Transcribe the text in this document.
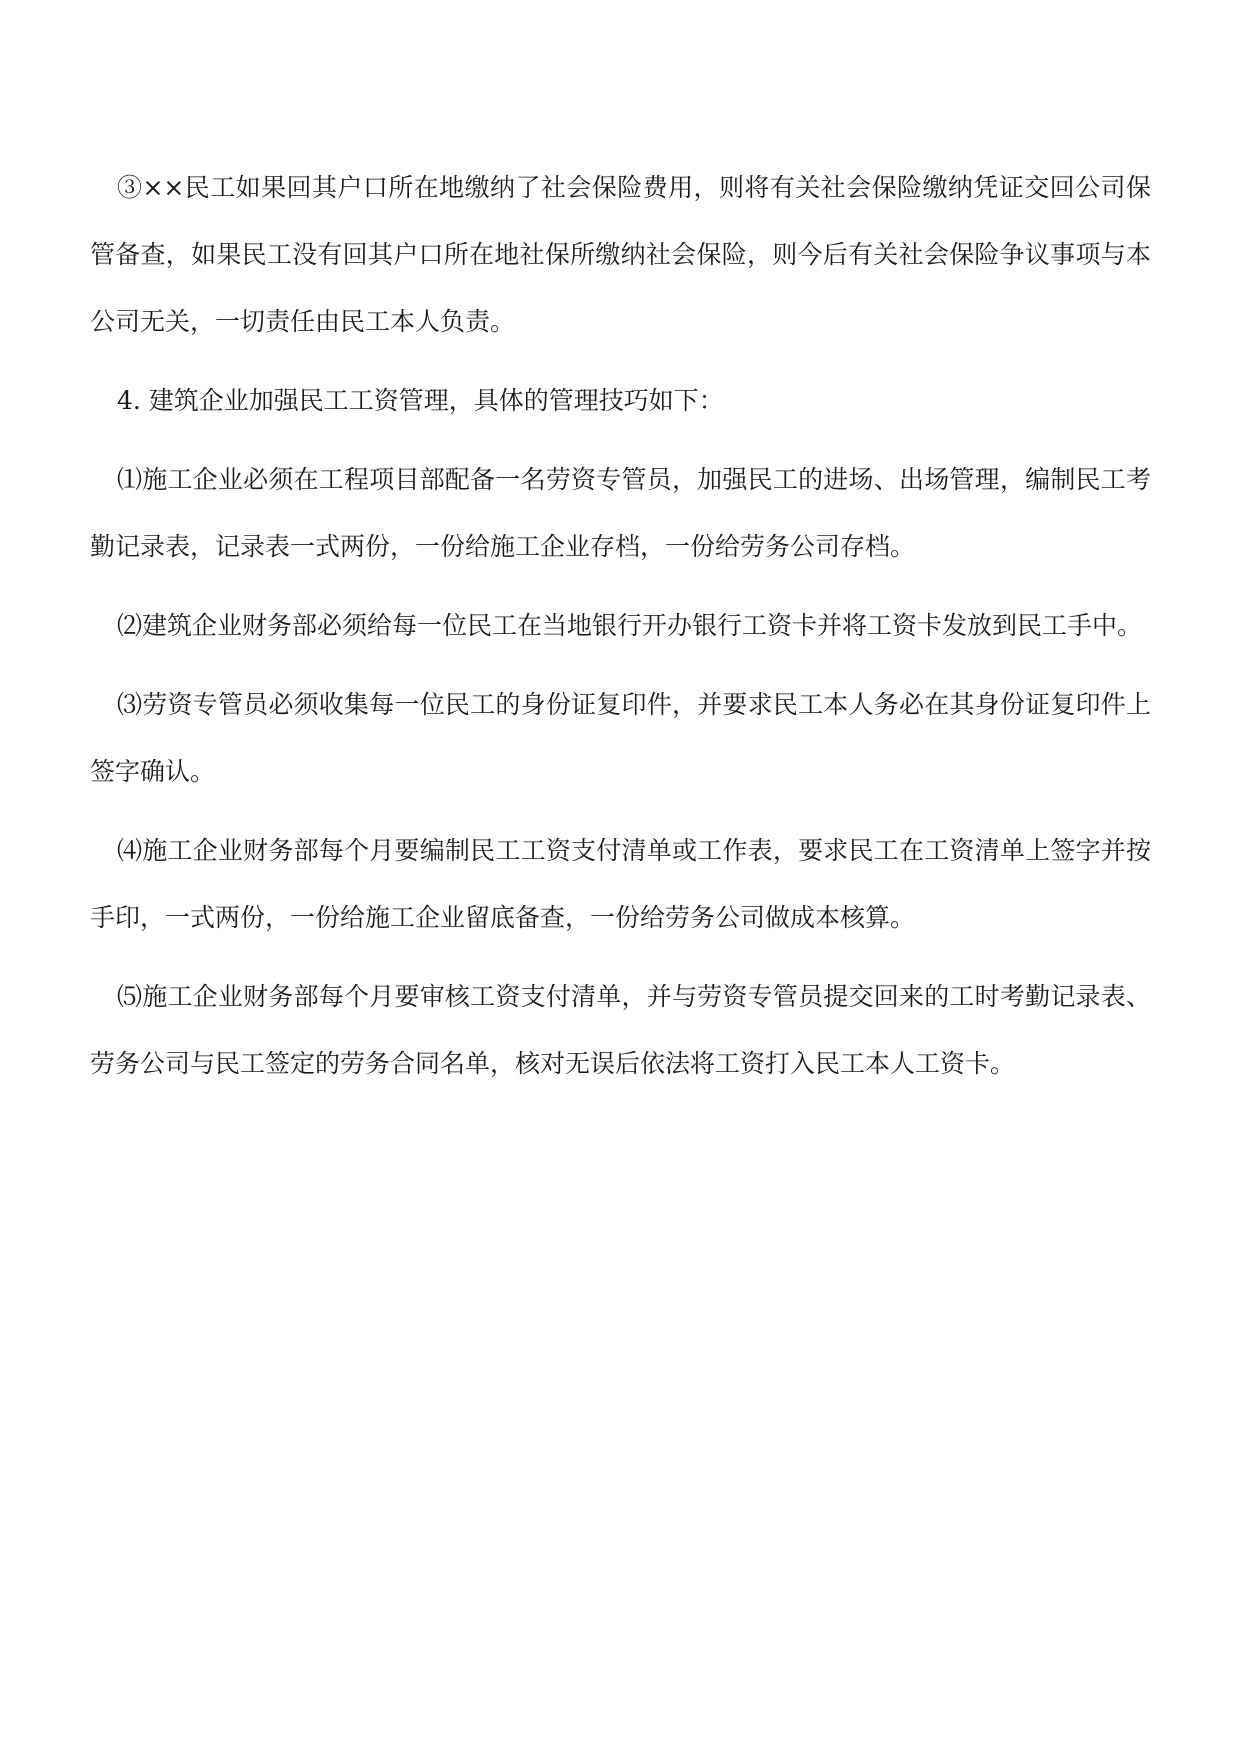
③××民工如果回其户口所在地缴纳了社会保险费用，则将有关社会保险缴纳凭证交回公司保管备查，如果民工没有回其户口所在地社保所缴纳社会保险，则今后有关社会保险争议事项与本公司无关，一切责任由民工本人负责。

4. 建筑企业加强民工工资管理，具体的管理技巧如下：

⑴施工企业必须在工程项目部配备一名劳资专管员，加强民工的进场、出场管理，编制民工考勤记录表，记录表一式两份，一份给施工企业存档，一份给劳务公司存档。

⑵建筑企业财务部必须给每一位民工在当地银行开办银行工资卡并将工资卡发放到民工手中。

⑶劳资专管员必须收集每一位民工的身份证复印件，并要求民工本人务必在其身份证复印件上签字确认。

⑷施工企业财务部每个月要编制民工工资支付清单或工作表，要求民工在工资清单上签字并按手印，一式两份，一份给施工企业留底备查，一份给劳务公司做成本核算。

⑸施工企业财务部每个月要审核工资支付清单，并与劳资专管员提交回来的工时考勤记录表、劳务公司与民工签定的劳务合同名单，核对无误后依法将工资打入民工本人工资卡。
